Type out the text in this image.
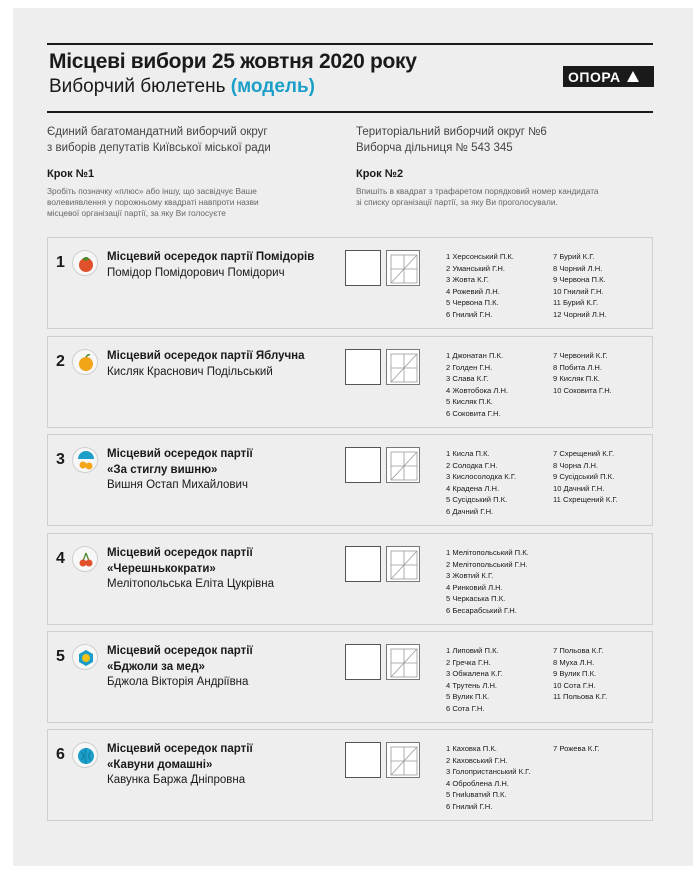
Місцеві вибори 25 жовтня 2020 року
Виборчий бюлетень (модель)	ОПОРА
Єдиний багатомандатний виборчий округ
з виборів депутатів Київської міської ради
Крок №1
Зробіть позначку «плюс» або іншу, що засвідчує Ваше
волевиявлення у порожньому квадраті навпроти назви
місцевої організації партії, за яку Ви голосуєте
Територіальний виборчий округ №6
Виборча дільниця № 543 345
Крок №2
Впишіть в квадрат з трафаретом порядковий номер кандидата
зі списку організації партії, за яку Ви проголосували.
1	Місцевий осередок партії Помідорів
Помідор Помідорович Помідорич
1 Херсонський П.К.
2 Уманський Г.Н.
3 Жовта К.Г.
4 Рожевий Л.Н.
5 Червона П.К.
6 Гнилий Г.Н.
7 Бурий К.Г.
8 Чорний Л.Н.
9 Червона П.К.
10 Гнилий Г.Н.
11 Бурий К.Г.
12 Чорний Л.Н.
2	Місцевий осередок партії Яблучна
Кисляк Краснович Подільський
1 Джонатан П.К.
2 Голден Г.Н.
3 Слава К.Г.
4 Жовтобока Л.Н.
5 Кисляк П.К.
6 Соковита Г.Н.
7 Червоний К.Г.
8 Побита Л.Н.
9 Кисляк П.К.
10 Соковита Г.Н.
3	Місцевий осередок партії
«За стиглу вишню»
Вишня Остап Михайлович
1 Кисла П.К.
2 Солодка Г.Н.
3 Кислосолодка К.Г.
4 Крадена Л.Н.
5 Сусідський П.К.
6 Дачний Г.Н.
7 Схрещений К.Г.
8 Чорна Л.Н.
9 Сусідський П.К.
10 Дачний Г.Н.
11 Схрещений К.Г.
4	Місцевий осередок партії
«Черешнькократи»
Мелітопольська Еліта Цукрівна
1 Мелітопольський П.К.
2 Мелітопольський Г.Н.
3 Жовтий К.Г.
4 Ринковий Л.Н.
5 Черкаська П.К.
6 Бесарабський Г.Н.
5	Місцевий осередок партії
«Бджоли за мед»
Бджола Вікторія Андріївна
1 Липовий П.К.
2 Гречка Г.Н.
3 Обжалена К.Г.
4 Трутень Л.Н.
5 Вулик П.К.
6 Сота Г.Н.
7 Польова К.Г.
8 Муха Л.Н.
9 Вулик П.К.
10 Сота Г.Н.
11 Польова К.Г.
6	Місцевий осередок партії
«Кавуни домашні»
Кавунка Баржа Дніпровна
1 Каховка П.К.
2 Каховський Г.Н.
3 Голопристанський К.Г.
4 Оброблена Л.Н.
5 Гниluватий П.К.
6 Гнилий Г.Н.
7 Рожева К.Г.
